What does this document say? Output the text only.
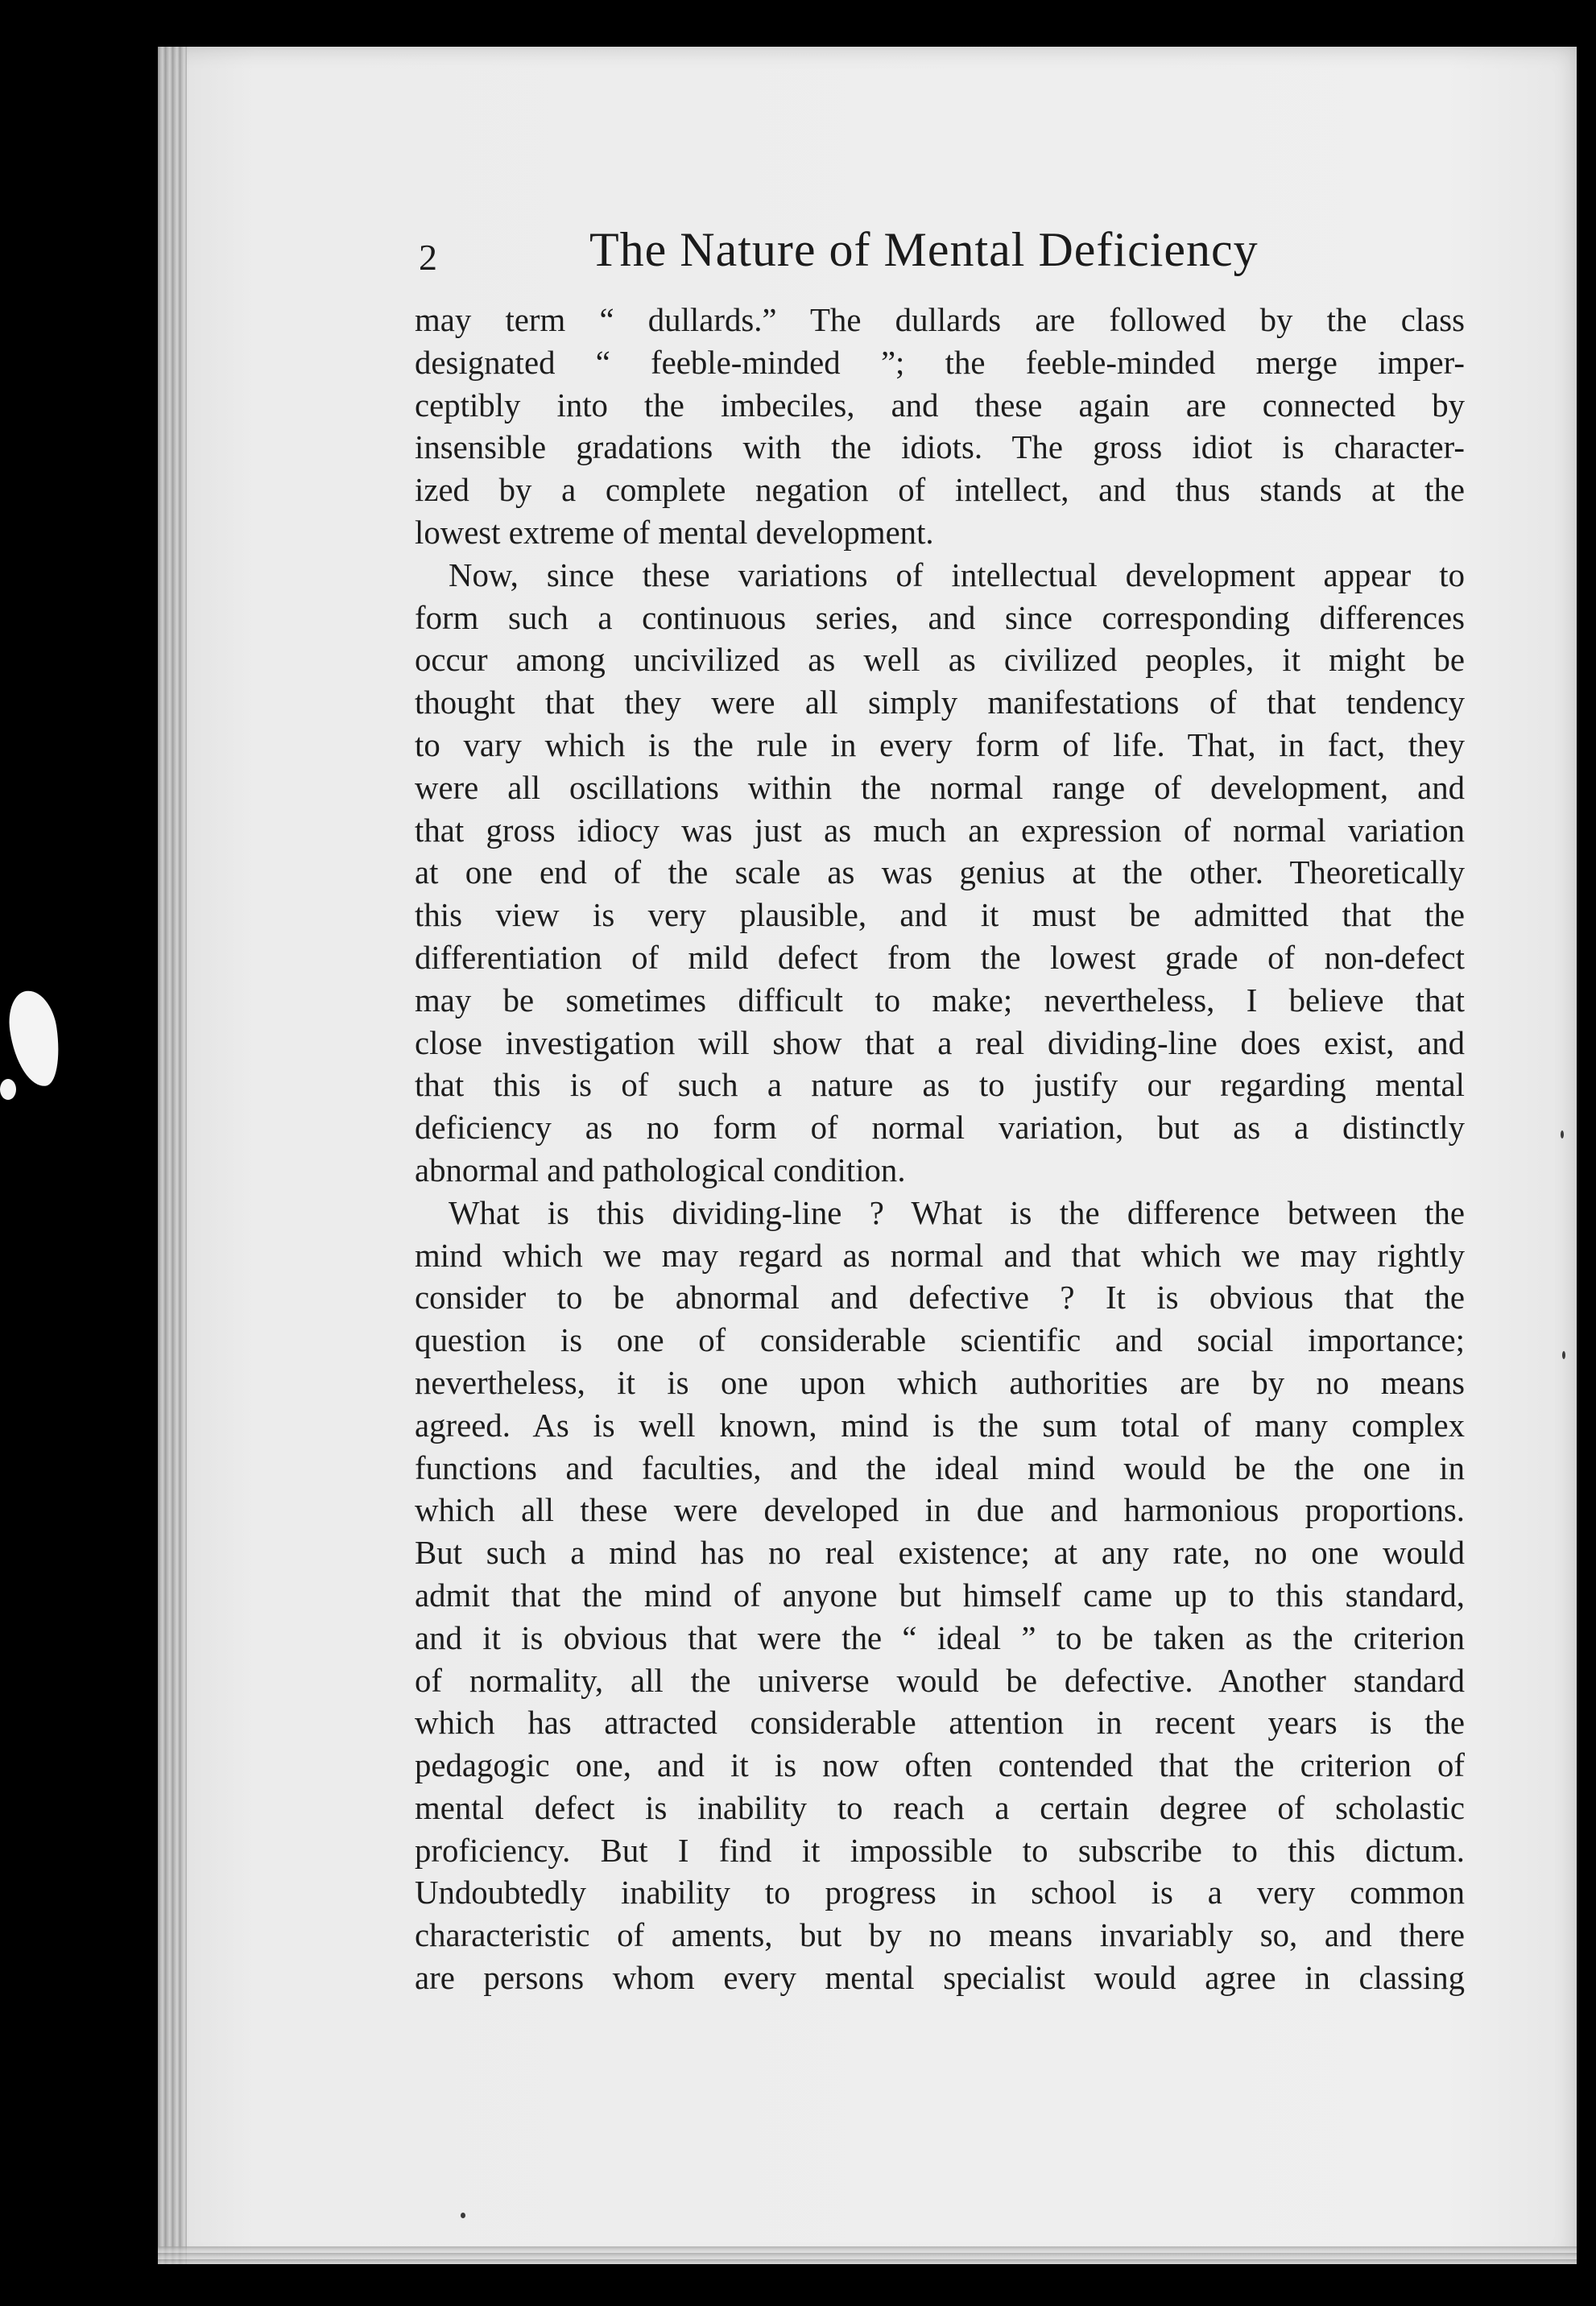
2	The Nature of Mental Deficiency
may term “ dullards.” The dullards are followed by the class
designated “ feeble-minded ”; the feeble-minded merge imper-
ceptibly into the imbeciles, and these again are connected by
insensible gradations with the idiots. The gross idiot is character-
ized by a complete negation of intellect, and thus stands at the
lowest extreme of mental development.
Now, since these variations of intellectual development appear to
form such a continuous series, and since corresponding differences
occur among uncivilized as well as civilized peoples, it might be
thought that they were all simply manifestations of that tendency
to vary which is the rule in every form of life. That, in fact, they
were all oscillations within the normal range of development, and
that gross idiocy was just as much an expression of normal variation
at one end of the scale as was genius at the other. Theoretically
this view is very plausible, and it must be admitted that the
differentiation of mild defect from the lowest grade of non-defect
may be sometimes difficult to make; nevertheless, I believe that
close investigation will show that a real dividing-line does exist, and
that this is of such a nature as to justify our regarding mental
deficiency as no form of normal variation, but as a distinctly
abnormal and pathological condition.
What is this dividing-line ? What is the difference between the
mind which we may regard as normal and that which we may rightly
consider to be abnormal and defective ? It is obvious that the
question is one of considerable scientific and social importance;
nevertheless, it is one upon which authorities are by no means
agreed. As is well known, mind is the sum total of many complex
functions and faculties, and the ideal mind would be the one in
which all these were developed in due and harmonious proportions.
But such a mind has no real existence; at any rate, no one would
admit that the mind of anyone but himself came up to this standard,
and it is obvious that were the “ ideal ” to be taken as the criterion
of normality, all the universe would be defective. Another standard
which has attracted considerable attention in recent years is the
pedagogic one, and it is now often contended that the criterion of
mental defect is inability to reach a certain degree of scholastic
proficiency. But I find it impossible to subscribe to this dictum.
Undoubtedly inability to progress in school is a very common
characteristic of aments, but by no means invariably so, and there
are persons whom every mental specialist would agree in classing
